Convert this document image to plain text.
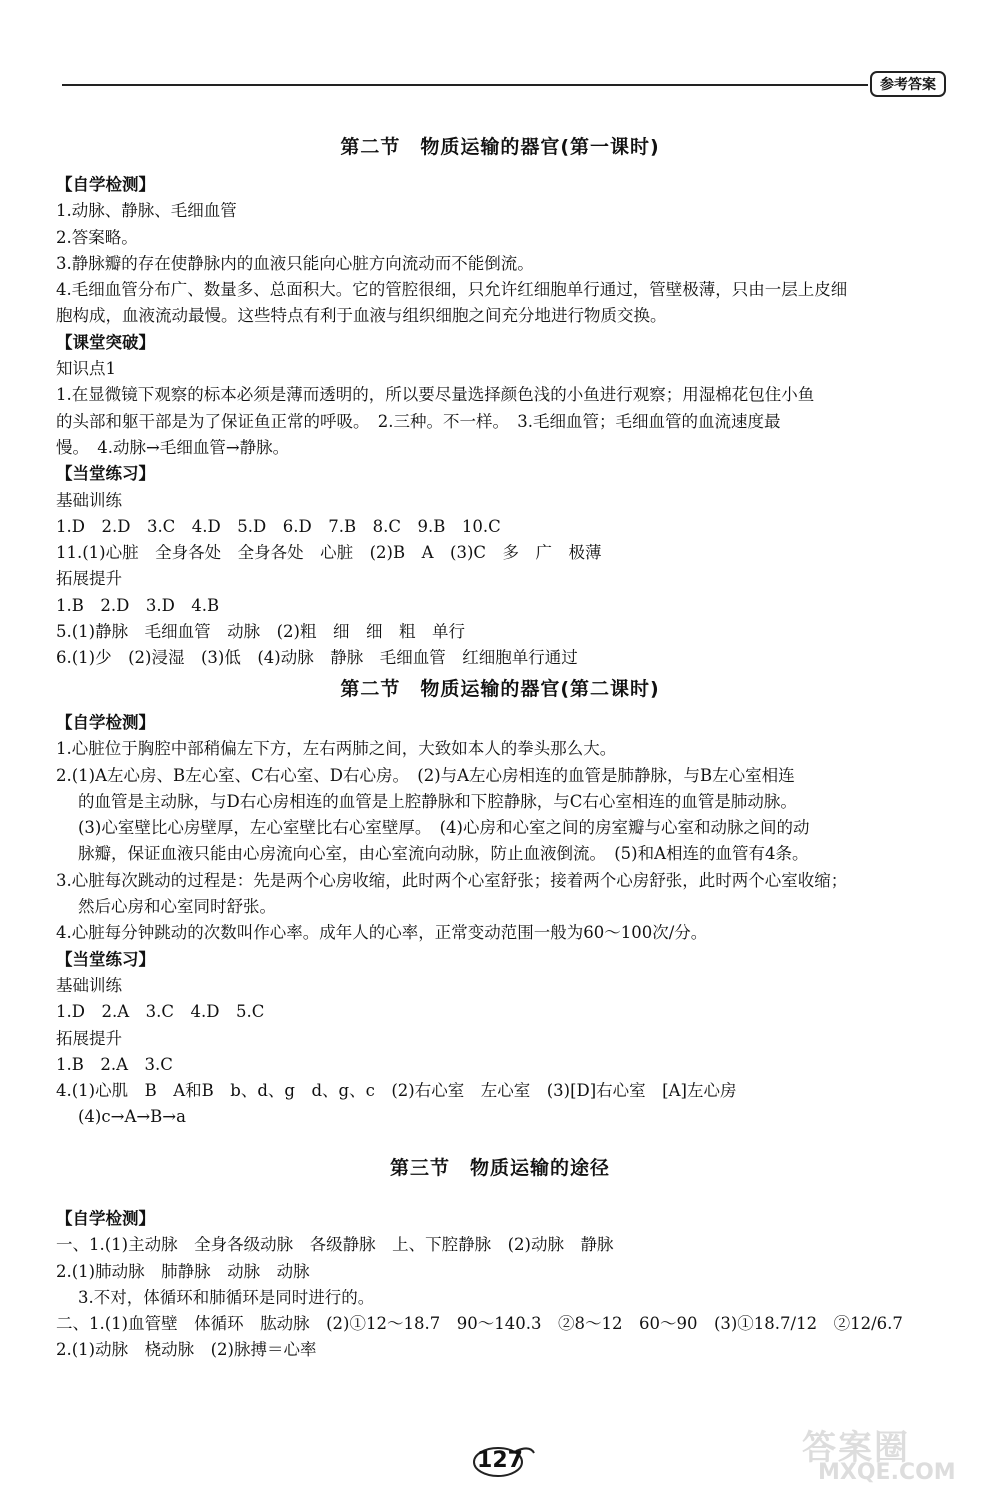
参考答案
第二节　物质运输的器官(第一课时)
【自学检测】
1.动脉、静脉、毛细血管
2.答案略。
3.静脉瓣的存在使静脉内的血液只能向心脏方向流动而不能倒流。
4.毛细血管分布广、数量多、总面积大。它的管腔很细，只允许红细胞单行通过，管壁极薄，只由一层上皮细
胞构成，血液流动最慢。这些特点有利于血液与组织细胞之间充分地进行物质交换。
【课堂突破】
知识点1
1.在显微镜下观察的标本必须是薄而透明的，所以要尽量选择颜色浅的小鱼进行观察；用湿棉花包住小鱼
的头部和躯干部是为了保证鱼正常的呼吸。　2.三种。不一样。　3.毛细血管；毛细血管的血流速度最
慢。　4.动脉→毛细血管→静脉。
【当堂练习】
基础训练
1.D　2.D　3.C　4.D　5.D　6.D　7.B　8.C　9.B　10.C
11.(1)心脏　全身各处　全身各处　心脏　(2)B　A　(3)C　多　广　极薄
拓展提升
1.B　2.D　3.D　4.B
5.(1)静脉　毛细血管　动脉　(2)粗　细　细　粗　单行
6.(1)少　(2)浸湿　(3)低　(4)动脉　静脉　毛细血管　红细胞单行通过
第二节　物质运输的器官(第二课时)
【自学检测】
1.心脏位于胸腔中部稍偏左下方，左右两肺之间，大致如本人的拳头那么大。
2.(1)A左心房、B左心室、C右心室、D右心房。　(2)与A左心房相连的血管是肺静脉，与B左心室相连
的血管是主动脉，与D右心房相连的血管是上腔静脉和下腔静脉，与C右心室相连的血管是肺动脉。
(3)心室壁比心房壁厚，左心室壁比右心室壁厚。　(4)心房和心室之间的房室瓣与心室和动脉之间的动
脉瓣，保证血液只能由心房流向心室，由心室流向动脉，防止血液倒流。　(5)和A相连的血管有4条。
3.心脏每次跳动的过程是：先是两个心房收缩，此时两个心室舒张；接着两个心房舒张，此时两个心室收缩；
然后心房和心室同时舒张。
4.心脏每分钟跳动的次数叫作心率。成年人的心率，正常变动范围一般为60～100次/分。
【当堂练习】
基础训练
1.D　2.A　3.C　4.D　5.C
拓展提升
1.B　2.A　3.C
4.(1)心肌　B　A和B　b、d、g　d、g、c　(2)右心室　左心室　(3)[D]右心室　[A]左心房
(4)c→A→B→a
第三节　物质运输的途径
【自学检测】
一、1.(1)主动脉　全身各级动脉　各级静脉　上、下腔静脉　(2)动脉　静脉
2.(1)肺动脉　肺静脉　动脉　动脉
3.不对，体循环和肺循环是同时进行的。
二、1.(1)血管壁　体循环　肱动脉　(2)①12～18.7　90～140.3　②8～12　60～90　(3)①18.7/12　②12/6.7
2.(1)动脉　桡动脉　(2)脉搏＝心率
127	答案圈
MXQE.COM
